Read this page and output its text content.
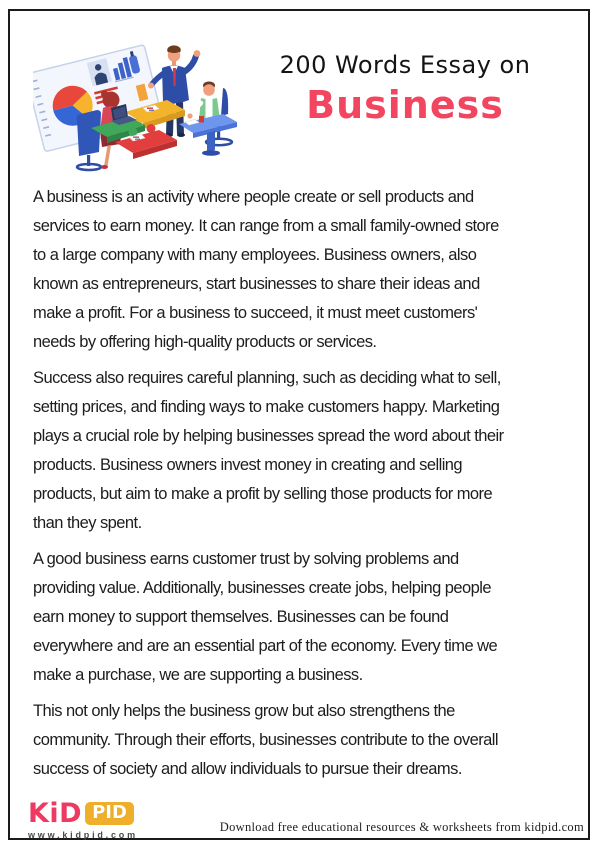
200 Words Essay on
Business
A business is an activity where people create or sell products and
services to earn money. It can range from a small family-owned store
to a large company with many employees. Business owners, also
known as entrepreneurs, start businesses to share their ideas and
make a profit. For a business to succeed, it must meet customers'
needs by offering high-quality products or services.
Success also requires careful planning, such as deciding what to sell,
setting prices, and finding ways to make customers happy. Marketing
plays a crucial role by helping businesses spread the word about their
products. Business owners invest money in creating and selling
products, but aim to make a profit by selling those products for more
than they spent.
A good business earns customer trust by solving problems and
providing value. Additionally, businesses create jobs, helping people
earn money to support themselves. Businesses can be found
everywhere and are an essential part of the economy. Every time we
make a purchase, we are supporting a business.
This not only helps the business grow but also strengthens the
community. Through their efforts, businesses contribute to the overall
success of society and allow individuals to pursue their dreams.
KiD PID
www.kidpid.com
Download free educational resources & worksheets from kidpid.com
